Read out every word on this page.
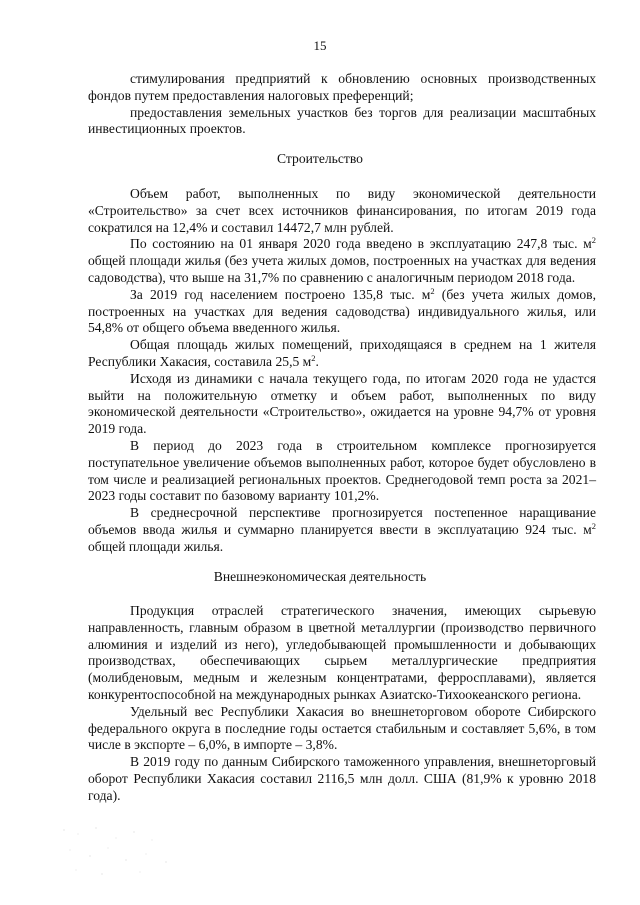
15

стимулирования предприятий к обновлению основных производственных фондов путем предоставления налоговых преференций;

предоставления земельных участков без торгов для реализации масштабных инвестиционных проектов.

Строительство

Объем работ, выполненных по виду экономической деятельности «Строительство» за счет всех источников финансирования, по итогам 2019 года сократился на 12,4% и составил 14472,7 млн рублей.

По состоянию на 01 января 2020 года введено в эксплуатацию 247,8 тыс. $м^2$ общей площади жилья (без учета жилых домов, построенных на участках для ведения садоводства), что выше на 31,7% по сравнению с аналогичным периодом 2018 года.

За 2019 год населением построено 135,8 тыс. $м^2$ (без учета жилых домов, построенных на участках для ведения садоводства) индивидуального жилья, или 54,8% от общего объема введенного жилья.

Общая площадь жилых помещений, приходящаяся в среднем на 1 жителя Республики Хакасия, составила 25,5 $м^2$.

Исходя из динамики с начала текущего года, по итогам 2020 года не удастся выйти на положительную отметку и объем работ, выполненных по виду экономической деятельности «Строительство», ожидается на уровне 94,7% от уровня 2019 года.

В период до 2023 года в строительном комплексе прогнозируется поступательное увеличение объемов выполненных работ, которое будет обусловлено в том числе и реализацией региональных проектов. Среднегодовой темп роста за 2021–2023 годы составит по базовому варианту 101,2%.

В среднесрочной перспективе прогнозируется постепенное наращивание объемов ввода жилья и суммарно планируется ввести в эксплуатацию 924 тыс. $м^2$ общей площади жилья.

Внешнеэкономическая деятельность

Продукция отраслей стратегического значения, имеющих сырьевую направленность, главным образом в цветной металлургии (производство первичного алюминия и изделий из него), угледобывающей промышленности и добывающих производствах, обеспечивающих сырьем металлургические предприятия (молибденовым, медным и железным концентратами, ферросплавами), является конкурентоспособной на международных рынках Азиатско-Тихоокеанского региона.

Удельный вес Республики Хакасия во внешнеторговом обороте Сибирского федерального округа в последние годы остается стабильным и составляет 5,6%, в том числе в экспорте – 6,0%, в импорте – 3,8%.

В 2019 году по данным Сибирского таможенного управления, внешнеторговый оборот Республики Хакасия составил 2116,5 млн долл. США (81,9% к уровню 2018 года).
